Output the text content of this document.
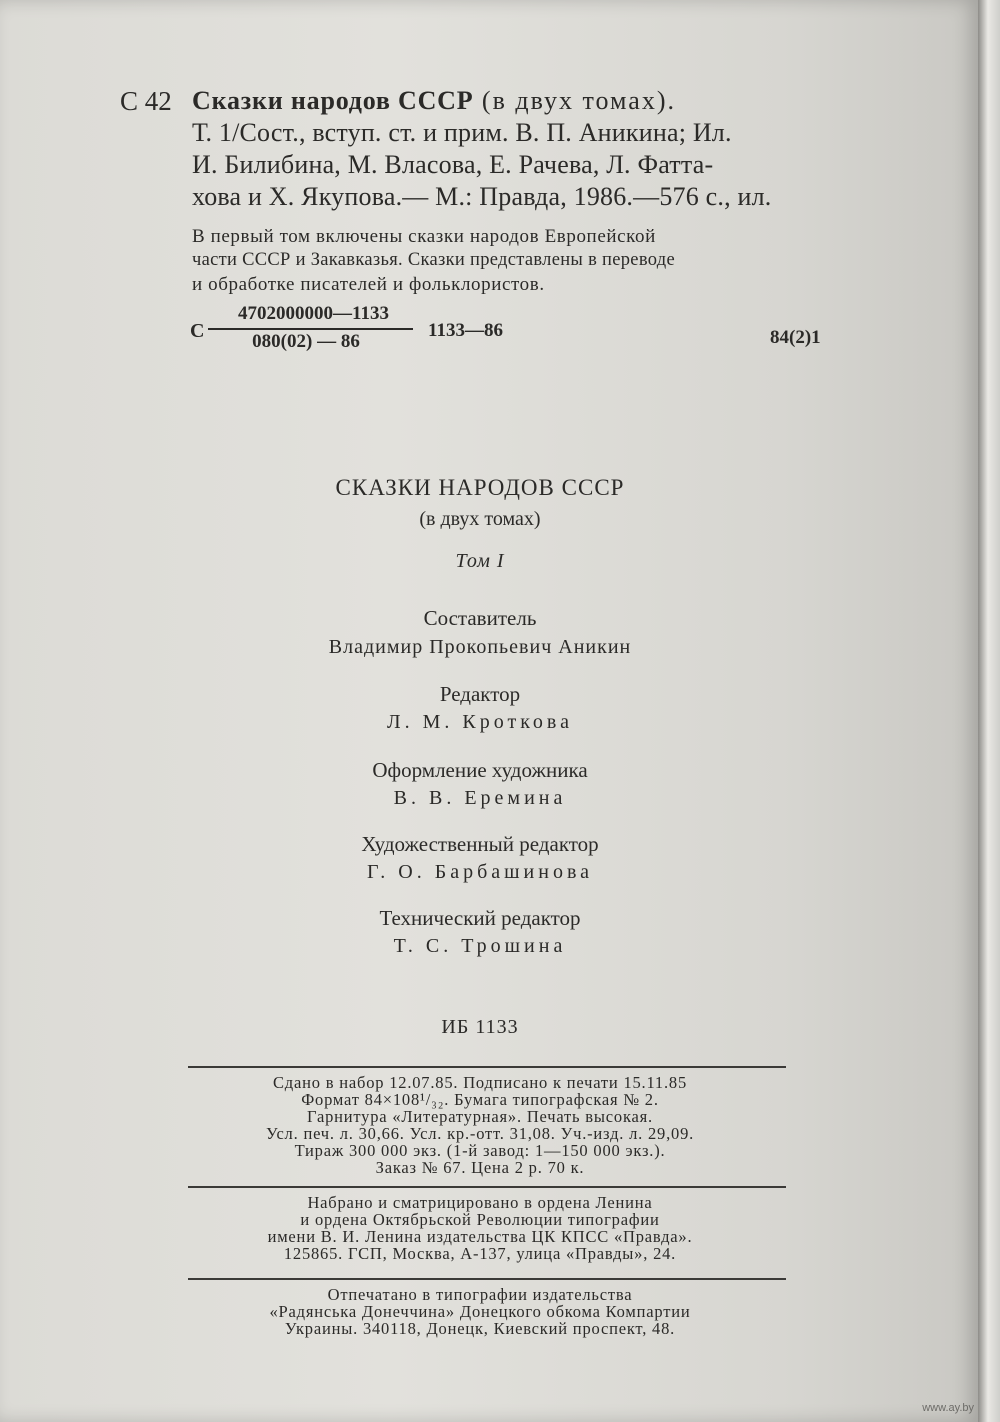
С 42 Сказки народов СССР (в двух томах).
Т. 1/Сост., вступ. ст. и прим. В. П. Аникина; Ил.
И. Билибина, М. Власова, Е. Рачева, Л. Фатта-
хова и Х. Якупова.— М.: Правда, 1986.—576 с., ил.
В первый том включены сказки народов Европейской
части СССР и Закавказья. Сказки представлены в переводе
и обработке писателей и фольклористов.
С
4702000000—1133
080(02) — 86
1133—86	84(2)1
СКАЗКИ НАРОДОВ СССР
(в двух томах)
Том I
Составитель
Владимир Прокопьевич Аникин
Редактор
Л. М. Кроткова
Оформление художника
В. В. Еремина
Художественный редактор
Г. О. Барбашинова
Технический редактор
Т. С. Трошина
ИБ 1133
Сдано в набор 12.07.85. Подписано к печати 15.11.85
Формат 84×108¹/₃₂. Бумага типографская № 2.
Гарнитура «Литературная». Печать высокая.
Усл. печ. л. 30,66. Усл. кр.-отт. 31,08. Уч.-изд. л. 29,09.
Тираж 300 000 экз. (1-й завод: 1—150 000 экз.).
Заказ № 67. Цена 2 р. 70 к.
Набрано и сматрицировано в ордена Ленина
и ордена Октябрьской Революции типографии
имени В. И. Ленина издательства ЦК КПСС «Правда».
125865. ГСП, Москва, А-137, улица «Правды», 24.
Отпечатано в типографии издательства
«Радянська Донеччина» Донецкого обкома Компартии
Украины. 340118, Донецк, Киевский проспект, 48.
www.ay.by
